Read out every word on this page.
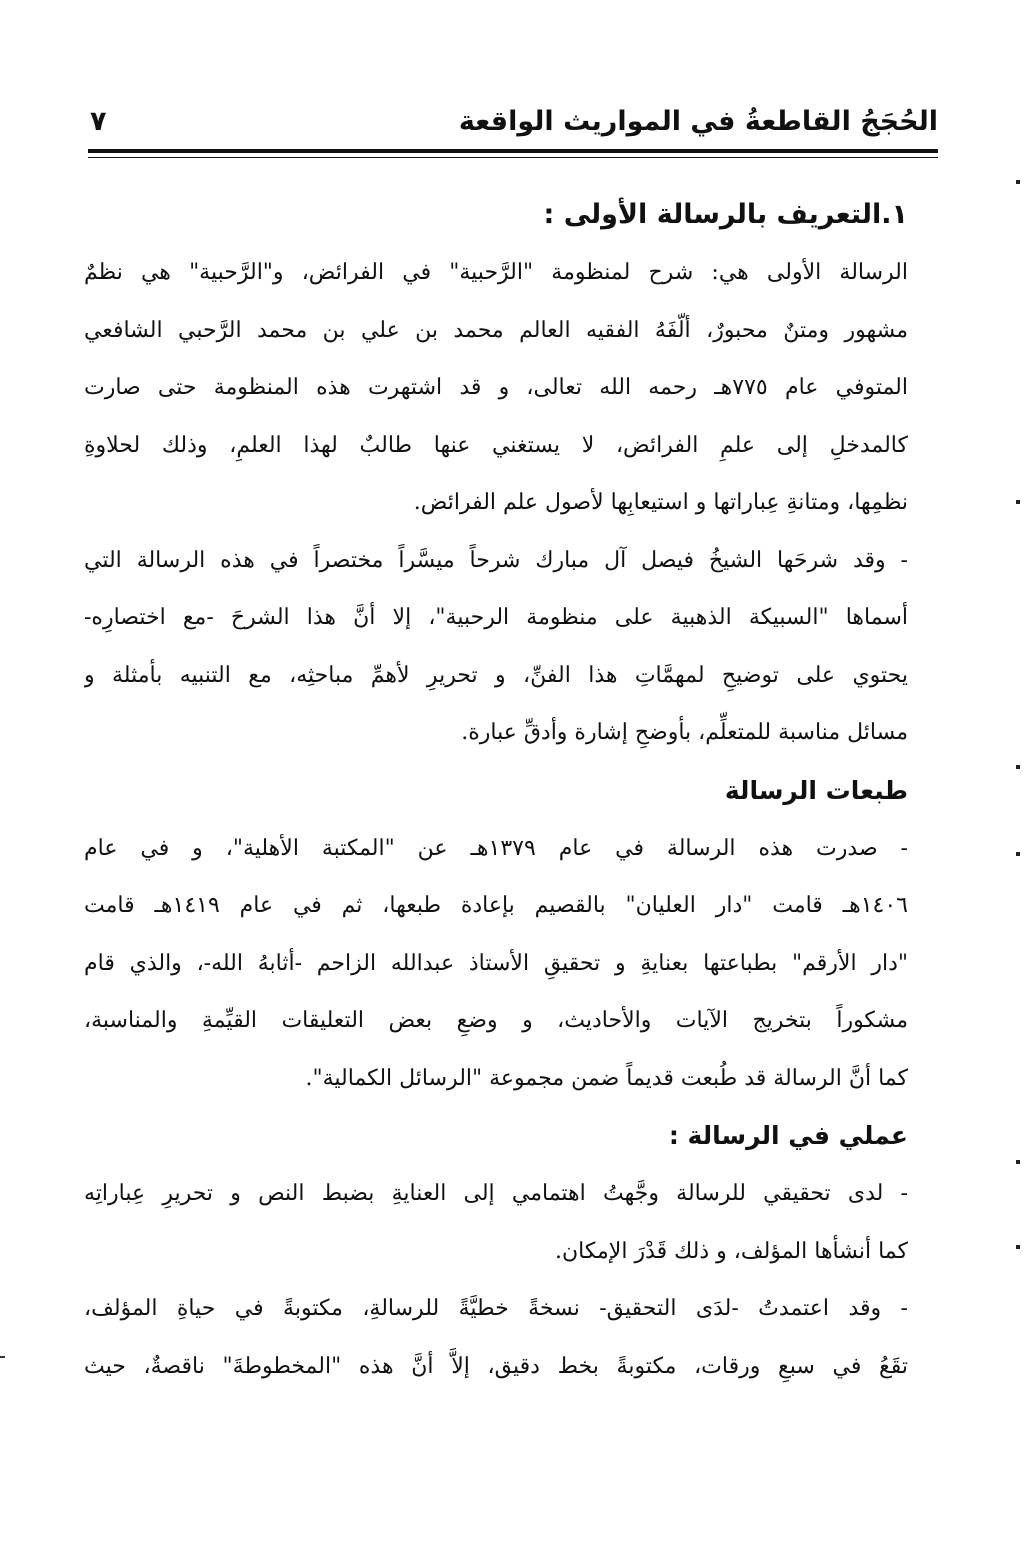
الحُجَجُ القاطعةُ في المواريث الواقعة
٧
١.التعريف بالرسالة الأولى :
الرسالة الأولى هي: شرح لمنظومة "الرَّحبية" في الفرائض، و"الرَّحبية" هي نظمٌ
مشهور ومتنٌ محبورٌ، ألّفَهُ الفقيه العالم محمد بن علي بن محمد الرَّحبي الشافعي
المتوفي عام ٧٧٥هـ رحمه الله تعالى، و قد اشتهرت هذه المنظومة حتى صارت
كالمدخلِ إلى علمِ الفرائض، لا يستغني عنها طالبٌ لهذا العلمِ، وذلك لحلاوةِ
نظمِها، ومتانةِ عِباراتها و استيعابِها لأصول علم الفرائض.
- وقد شرحَها الشيخُ فيصل آل مبارك شرحاً ميسَّراً مختصراً في هذه الرسالة التي
أسماها "السبيكة الذهبية على منظومة الرحبية"، إلا أنَّ هذا الشرحَ -مع اختصارِه-
يحتوي على توضيحِ لمهمَّاتِ هذا الفنِّ، و تحريرِ لأهمِّ مباحثِه، مع التنبيه بأمثلة و
مسائل مناسبة للمتعلِّم، بأوضحِ إشارة وأدقِّ عبارة.
طبعات الرسالة
- صدرت هذه الرسالة في عام ١٣٧٩هـ عن "المكتبة الأهلية"، و في عام
١٤٠٦هـ قامت "دار العليان" بالقصيم بإعادة طبعها، ثم في عام ١٤١٩هـ قامت
"دار الأرقم" بطباعتها بعنايةِ و تحقيقِ الأستاذ عبدالله الزاحم -أثابهُ الله-، والذي قام
مشكوراً بتخريج الآيات والأحاديث، و وضعِ بعض التعليقات القيِّمةِ والمناسبة،
كما أنَّ الرسالة قد طُبعت قديماً ضمن مجموعة "الرسائل الكمالية".
عملي في الرسالة :
- لدى تحقيقي للرسالة وجَّهتُ اهتمامي إلى العنايةِ بضبط النص و تحريرِ عِباراتِه
كما أنشأها المؤلف، و ذلك قَدْرَ الإمكان.
- وقد اعتمدتُ -لدَى التحقيق- نسخةً خطيَّةً للرسالةِ، مكتوبةً في حياةِ المؤلف،
تقَعُ في سبعِ ورقات، مكتوبةً بخط دقيق، إلاَّ أنَّ هذه "المخطوطةَ" ناقصةٌ، حيث
